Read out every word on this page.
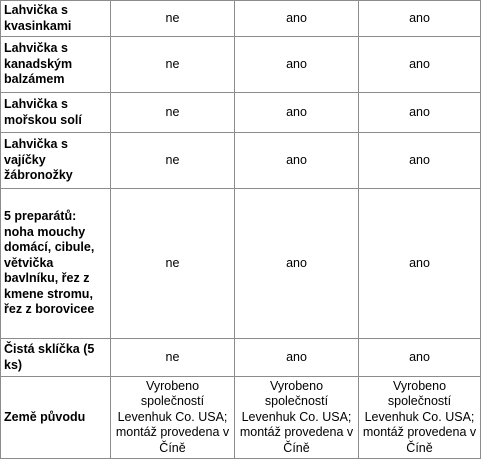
Lahvička s kvasinkami	ne	ano	ano
Lahvička s kanadským balzámem	ne	ano	ano
Lahvička s mořskou solí	ne	ano	ano
Lahvička s vajíčky žábronožky	ne	ano	ano
5 preparátů: noha mouchy domácí, cibule, větvička bavlníku, řez z kmene stromu, řez z borovicee	ne	ano	ano
Čistá sklíčka (5 ks)	ne	ano	ano
Země původu	Vyrobeno společností Levenhuk Co. USA; montáž provedena v Číně	Vyrobeno společností Levenhuk Co. USA; montáž provedena v Číně	Vyrobeno společností Levenhuk Co. USA; montáž provedena v Číně
